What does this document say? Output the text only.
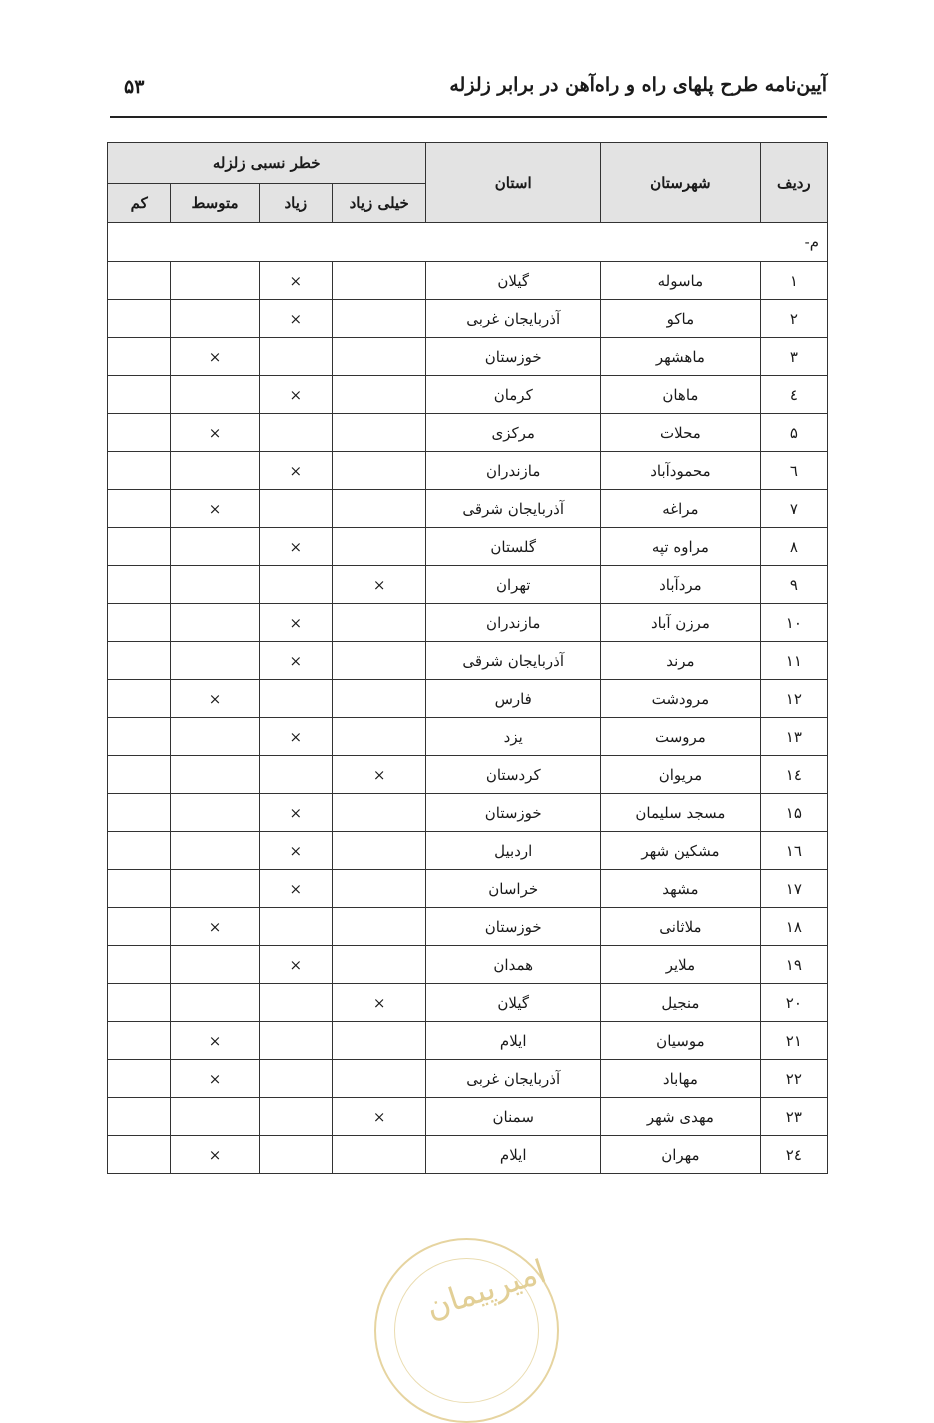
آیین‌نامه طرح پلهای راه و راه‌آهن در برابر زلزله
۵۳
ردیف	شهرستان	استان	خطر نسبی زلزله			
			خیلی زیاد	زیاد	متوسط	کم
م-						
۱	ماسوله	گیلان		×		
۲	ماکو	آذربایجان غربی		×		
۳	ماهشهر	خوزستان			×	
٤	ماهان	کرمان		×		
۵	محلات	مرکزی			×	
٦	محمودآباد	مازندران		×		
۷	مراغه	آذربایجان شرقی			×	
۸	مراوه تپه	گلستان		×		
۹	مردآباد	تهران	×			
۱۰	مرزن آباد	مازندران		×		
۱۱	مرند	آذربایجان شرقی		×		
۱۲	مرودشت	فارس			×	
۱۳	مروست	یزد		×		
۱٤	مریوان	کردستان	×			
۱۵	مسجد سلیمان	خوزستان		×		
۱٦	مشکین شهر	اردبیل		×		
۱۷	مشهد	خراسان		×		
۱۸	ملاثانی	خوزستان			×	
۱۹	ملایر	همدان		×		
۲۰	منجیل	گیلان	×			
۲۱	موسیان	ایلام			×	
۲۲	مهاباد	آذربایجان غربی			×	
۲۳	مهدی شهر	سمنان	×			
۲٤	مهران	ایلام			×	
امیرپیمان
